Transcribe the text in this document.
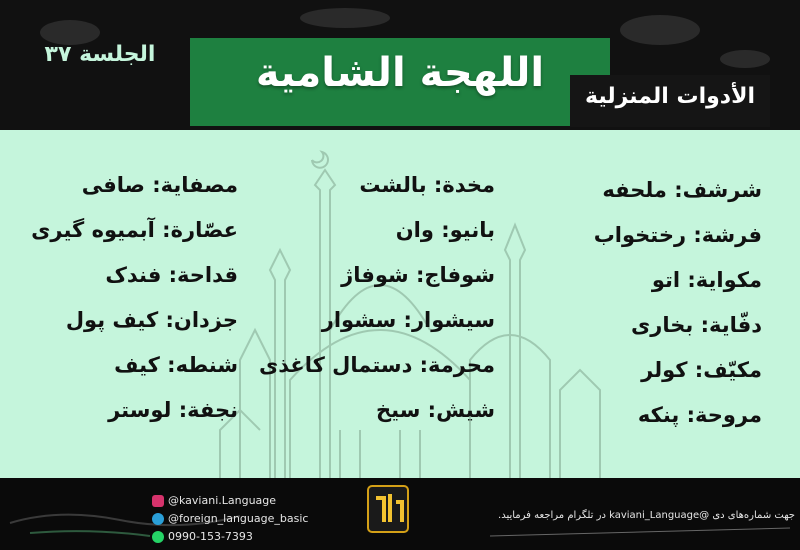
شرشف: ملحفه
فرشة: رختخواب
مكواية: اتو
دفّاية: بخاری
مكيّف: کولر
مروحة: پنکه
مخدة: بالشت
بانيو: وان
شوفاج: شوفاژ
سيشوار: سشوار
محرمة: دستمال کاغذی
شيش: سیخ
مصفاية: صافی
عصّارة: آبمیوه گیری
قداحة: فندک
جزدان: کیف پول
شنطه: کیف
نجفة: لوستر
الجلسة ٣٧	اللهجة الشامية
الأدوات المنزلية
@kaviani.Language
@foreign_language_basic
0990-153-7393
جهت شماره‌های دی @kaviani_Language در تلگرام مراجعه فرمایید.
